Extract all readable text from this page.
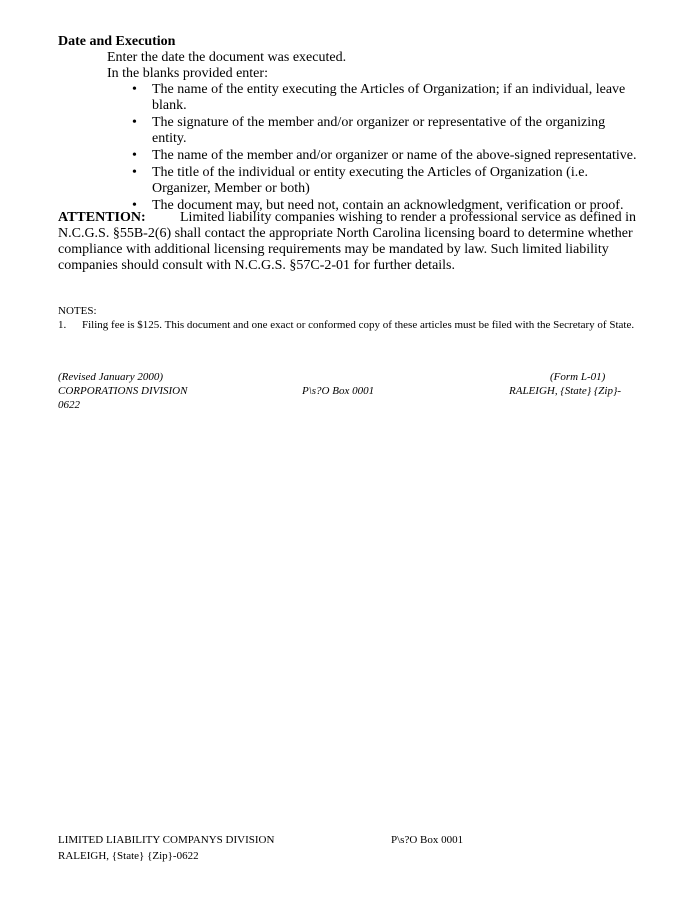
Date and Execution
Enter the date the document was executed.
In the blanks provided enter:
• The name of the entity executing the Articles of Organization; if an individual, leave blank.
• The signature of the member and/or organizer or representative of the organizing entity.
• The name of the member and/or organizer or name of the above-signed representative.
• The title of the individual or entity executing the Articles of Organization (i.e. Organizer, Member or both)
• The document may, but need not, contain an acknowledgment, verification or proof.
ATTENTION: Limited liability companies wishing to render a professional service as defined in N.C.G.S. §55B-2(6) shall contact the appropriate North Carolina licensing board to determine whether compliance with additional licensing requirements may be mandated by law. Such limited liability companies should consult with N.C.G.S. §57C-2-01 for further details.
NOTES:
1. Filing fee is $125. This document and one exact or conformed copy of these articles must be filed with the Secretary of State.
(Revised January 2000)	(Form L-01)
CORPORATIONS DIVISION	P\s?O Box 0001	RALEIGH, {State} {Zip}-
0622
LIMITED LIABILITY COMPANYS DIVISION	P\s?O Box 0001
RALEIGH, {State} {Zip}-0622
